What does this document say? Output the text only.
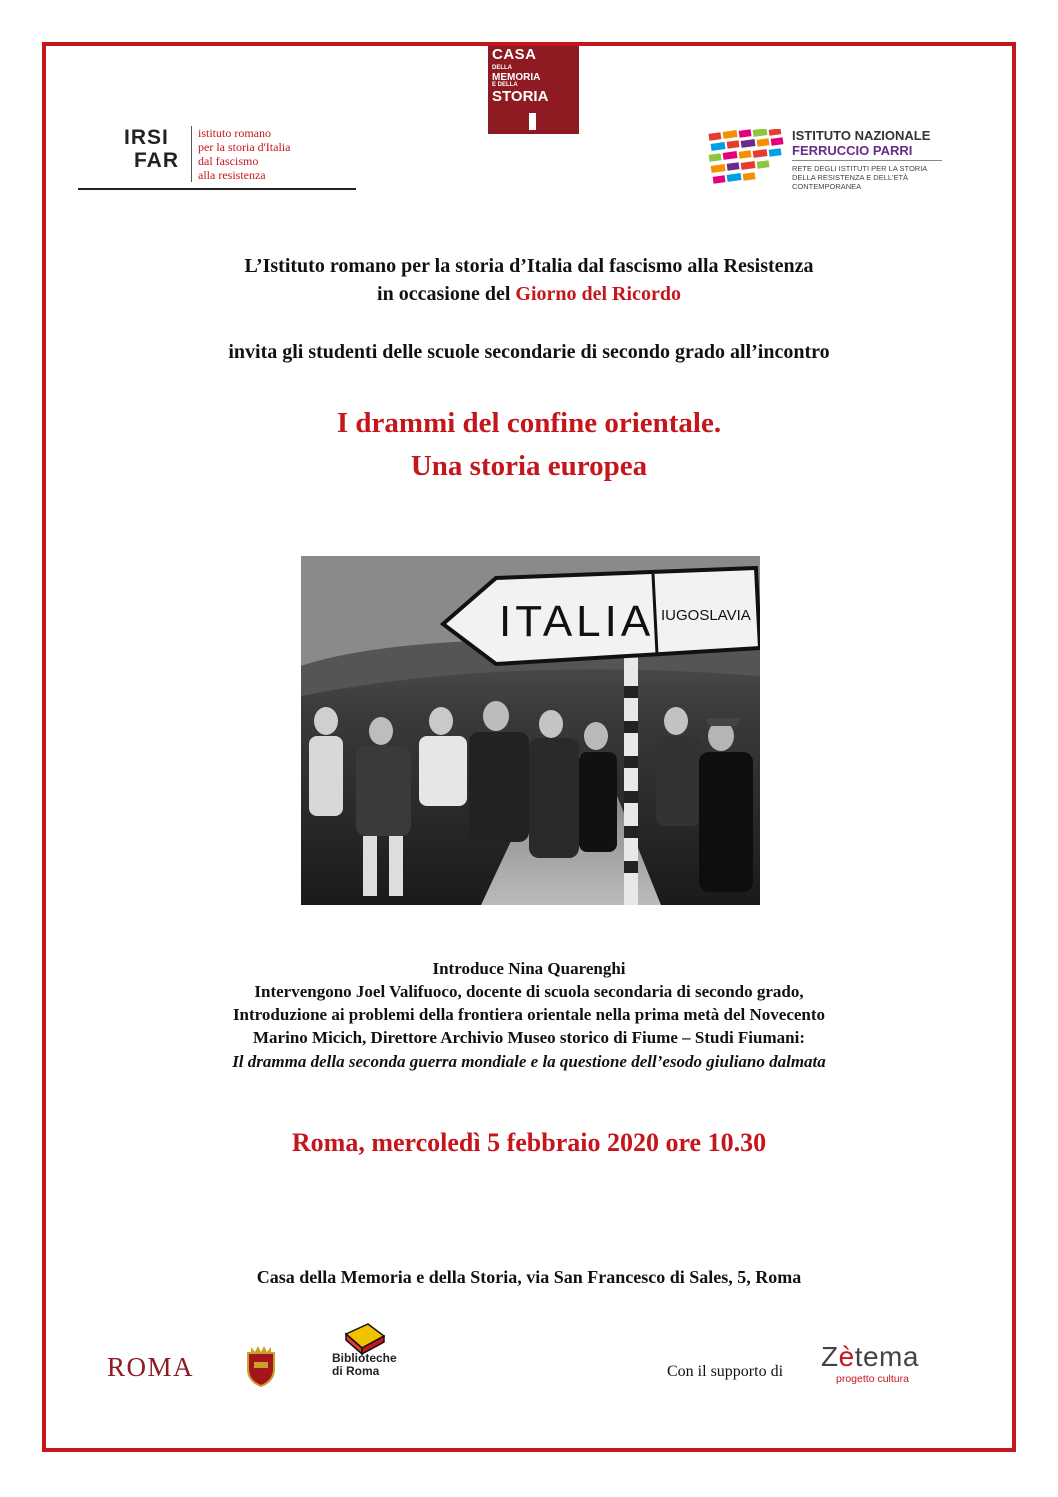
CASA
DELLA
MEMORIA
E DELLA
STORIA
IRSI
FAR
istituto romano
per la storia d'Italia
dal fascismo
alla resistenza
ISTITUTO NAZIONALE
FERRUCCIO PARRI
RETE DEGLI ISTITUTI PER LA STORIA DELLA RESISTENZA E DELL'ETÀ CONTEMPORANEA
L’Istituto romano per la storia d’Italia dal fascismo alla Resistenza
in occasione del Giorno del Ricordo
invita gli studenti delle scuole secondarie di secondo grado all’incontro
I drammi del confine orientale.
Una storia europea
ITALIA IUGOSLAVIA
Introduce Nina Quarenghi
Intervengono Joel Valifuoco, docente di scuola secondaria di secondo grado,
Introduzione ai problemi della frontiera orientale nella prima metà del Novecento
Marino Micich, Direttore Archivio Museo storico di Fiume – Studi Fiumani:
Il dramma della seconda guerra mondiale e la questione dell’esodo giuliano dalmata
Roma, mercoledì 5 febbraio 2020 ore 10.30
Casa della Memoria e della Storia, via San Francesco di Sales, 5, Roma
ROMA	Biblioteche
di Roma	Con il supporto di Zètema
progetto cultura
